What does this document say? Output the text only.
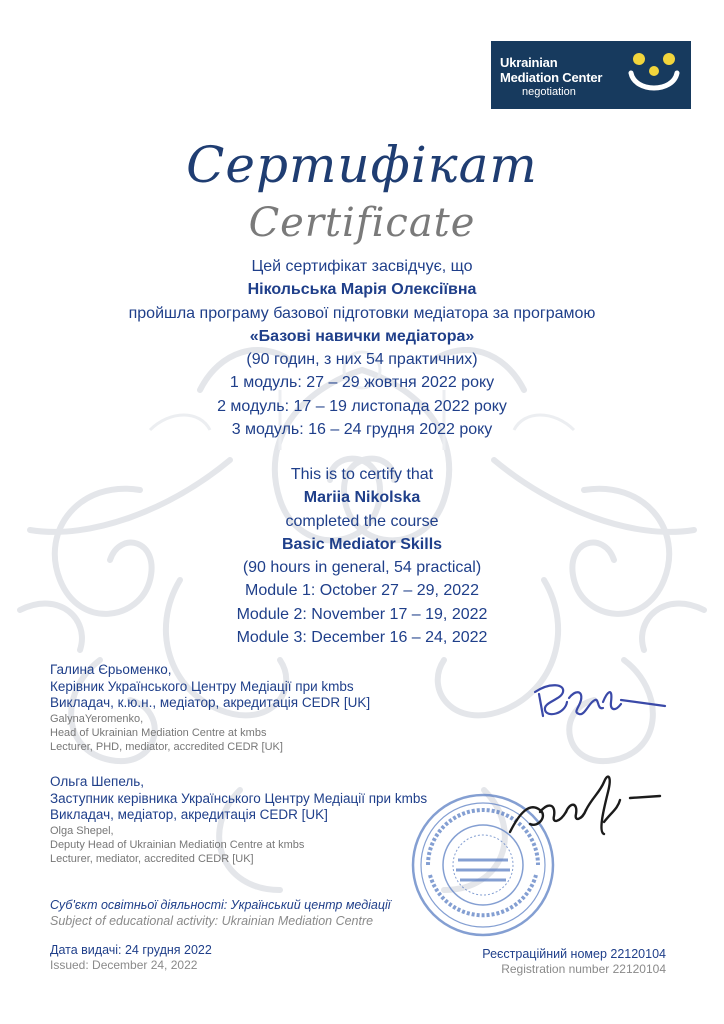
Ukrainian
Mediation Center
negotiation
Сертифікат
Certificate
Цей сертифікат засвідчує, що
Нікольська Марія Олексіївна
пройшла програму базової підготовки медіатора за програмою
«Базові навички медіатора»
(90 годин, з них 54 практичних)
1 модуль: 27 – 29 жовтня 2022 року
2 модуль: 17 – 19 листопада 2022 року
3 модуль: 16 – 24 грудня 2022 року
This is to certify that
Mariia Nikolska
completed the course
Basic Mediator Skills
(90 hours in general, 54 practical)
Module 1: October 27 – 29, 2022
Module 2: November 17 – 19, 2022
Module 3: December 16 – 24, 2022
Галина Єрьоменко,
Керівник Українського Центру Медіації при kmbs
Викладач, к.ю.н., медіатор, акредитація CEDR [UK]
GalynaYeromenko,
Head of Ukrainian Mediation Centre at kmbs
Lecturer, PHD, mediator, accredited CEDR [UK]
Ольга Шепель,
Заступник керівника Українського Центру Медіації при kmbs
Викладач, медіатор, акредитація CEDR [UK]
Olga Shepel,
Deputy Head of Ukrainian Mediation Centre at kmbs
Lecturer, mediator, accredited CEDR [UK]
Суб'єкт освітньої діяльності: Український центр медіації
Subject of educational activity: Ukrainian Mediation Centre
Дата видачі: 24 грудня 2022
Issued: December 24, 2022
Реєстраційний номер 22120104
Registration number 22120104
